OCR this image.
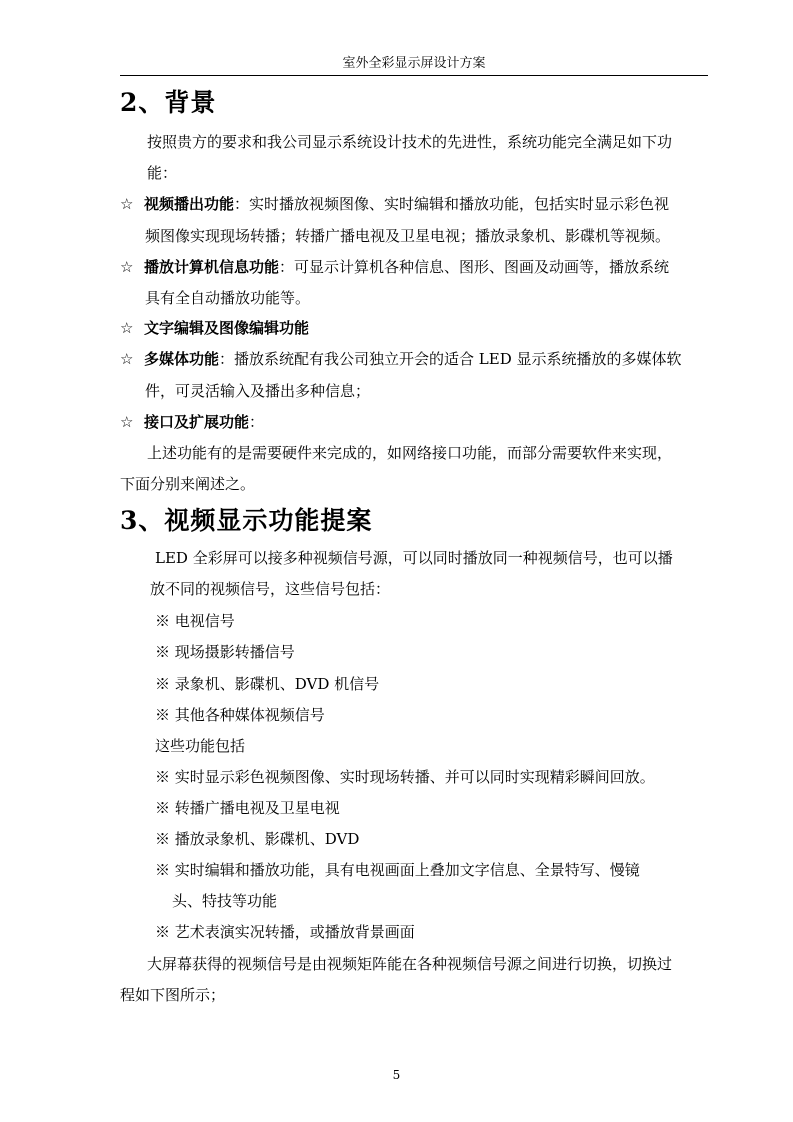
室外全彩显示屏设计方案
2、背景
按照贵方的要求和我公司显示系统设计技术的先进性，系统功能完全满足如下功
能：
☆ 视频播出功能：实时播放视频图像、实时编辑和播放功能，包括实时显示彩色视
频图像实现现场转播；转播广播电视及卫星电视；播放录象机、影碟机等视频。
☆ 播放计算机信息功能：可显示计算机各种信息、图形、图画及动画等，播放系统
具有全自动播放功能等。
☆ 文字编辑及图像编辑功能
☆ 多媒体功能：播放系统配有我公司独立开会的适合 LED 显示系统播放的多媒体软
件，可灵活输入及播出多种信息；
☆ 接口及扩展功能：
上述功能有的是需要硬件来完成的，如网络接口功能，而部分需要软件来实现，
下面分别来阐述之。
3、视频显示功能提案
LED 全彩屏可以接多种视频信号源，可以同时播放同一种视频信号，也可以播
放不同的视频信号，这些信号包括：
※ 电视信号
※ 现场摄影转播信号
※ 录象机、影碟机、DVD 机信号
※ 其他各种媒体视频信号
这些功能包括
※ 实时显示彩色视频图像、实时现场转播、并可以同时实现精彩瞬间回放。
※ 转播广播电视及卫星电视
※ 播放录象机、影碟机、DVD
※ 实时编辑和播放功能，具有电视画面上叠加文字信息、全景特写、慢镜
头、特技等功能
※ 艺术表演实况转播，或播放背景画面
大屏幕获得的视频信号是由视频矩阵能在各种视频信号源之间进行切换，切换过
程如下图所示；
5
